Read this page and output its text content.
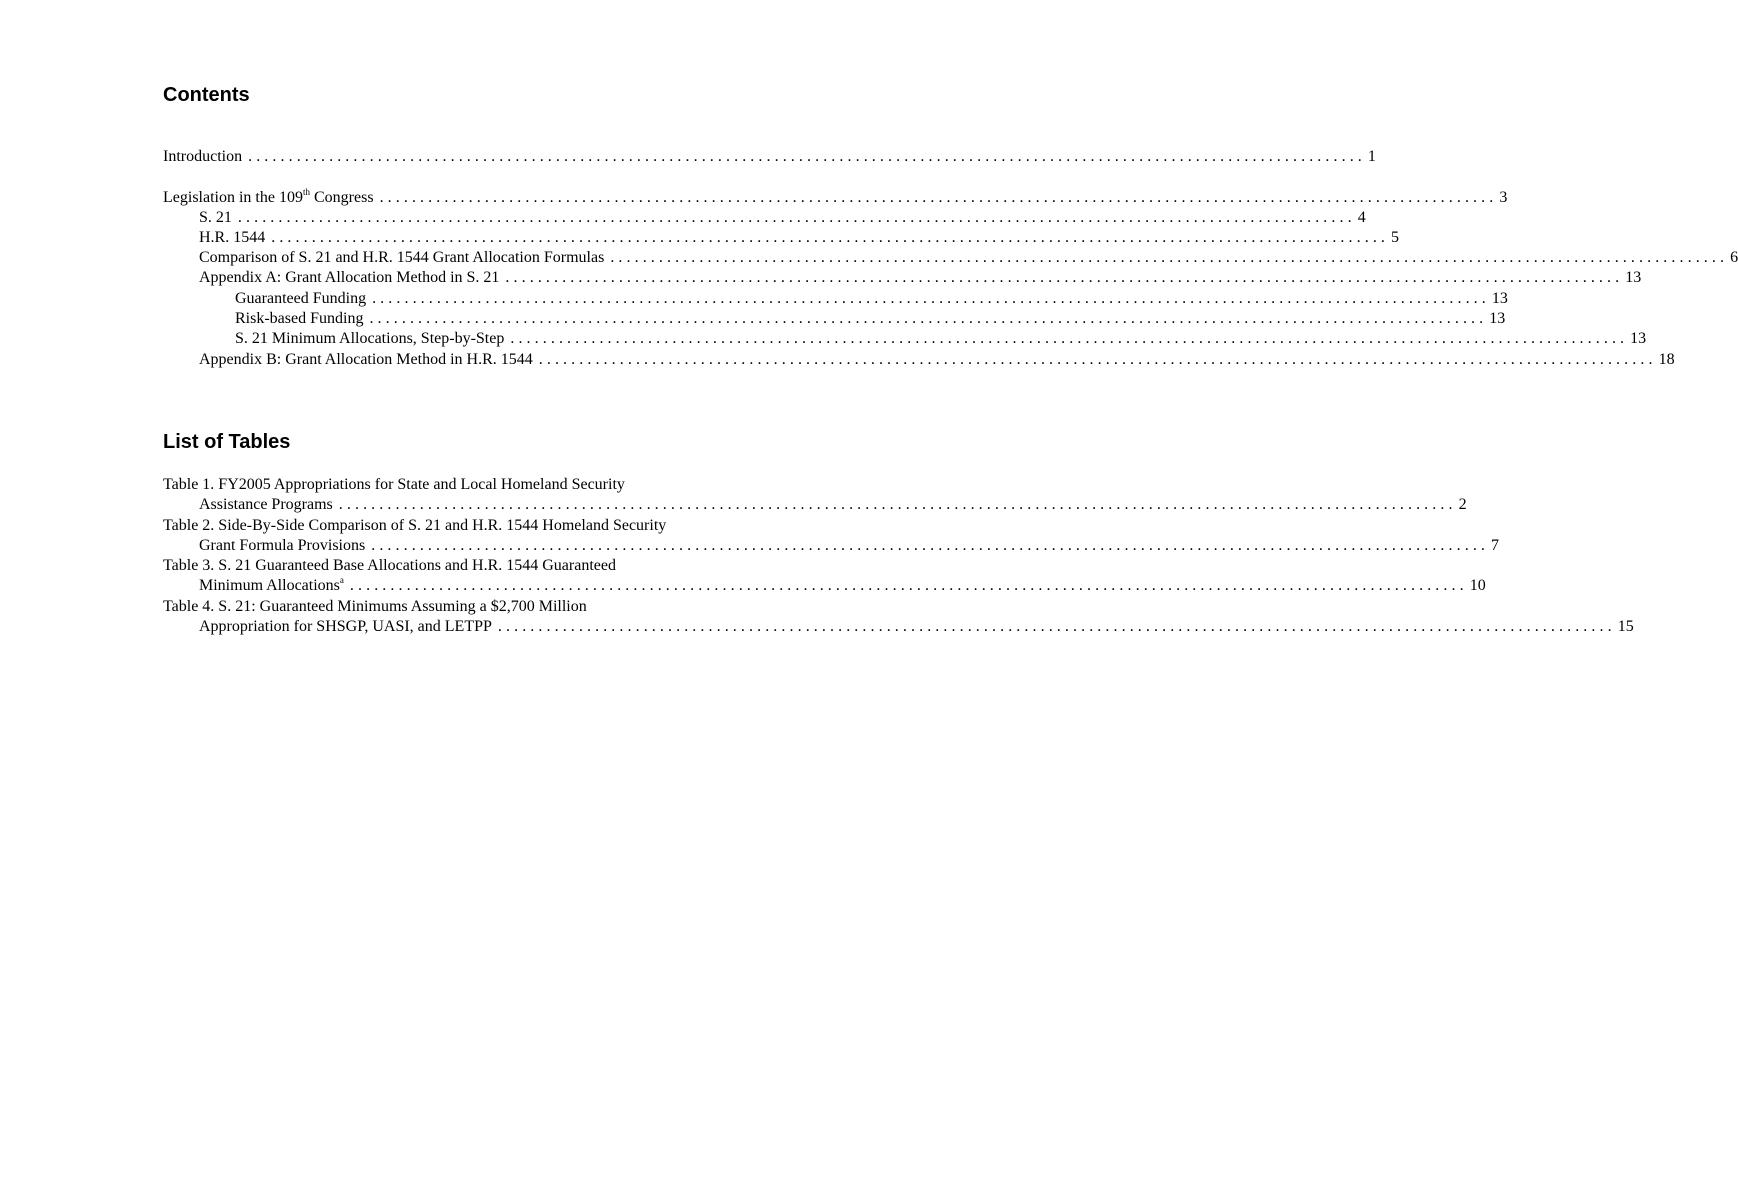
Contents
Introduction .......................................................................................................................................... 1
Legislation in the 109th Congress .......................................................................................................................................... 3
S. 21 .......................................................................................................................................... 4
H.R. 1544 .......................................................................................................................................... 5
Comparison of S. 21 and H.R. 1544 Grant Allocation Formulas .......................................................................................................................................... 6
Appendix A: Grant Allocation Method in S. 21 .......................................................................................................................................... 13
Guaranteed Funding .......................................................................................................................................... 13
Risk-based Funding .......................................................................................................................................... 13
S. 21 Minimum Allocations, Step-by-Step .......................................................................................................................................... 13
Appendix B: Grant Allocation Method in H.R. 1544 .......................................................................................................................................... 18
List of Tables
Table 1. FY2005 Appropriations for State and Local Homeland Security
Assistance Programs .......................................................................................................................................... 2
Table 2. Side-By-Side Comparison of S. 21 and H.R. 1544 Homeland Security
Grant Formula Provisions .......................................................................................................................................... 7
Table 3. S. 21 Guaranteed Base Allocations and H.R. 1544 Guaranteed
Minimum Allocations$^a$ .......................................................................................................................................... 10
Table 4. S. 21: Guaranteed Minimums Assuming a $2,700 Million
Appropriation for SHSGP, UASI, and LETPP .......................................................................................................................................... 15
